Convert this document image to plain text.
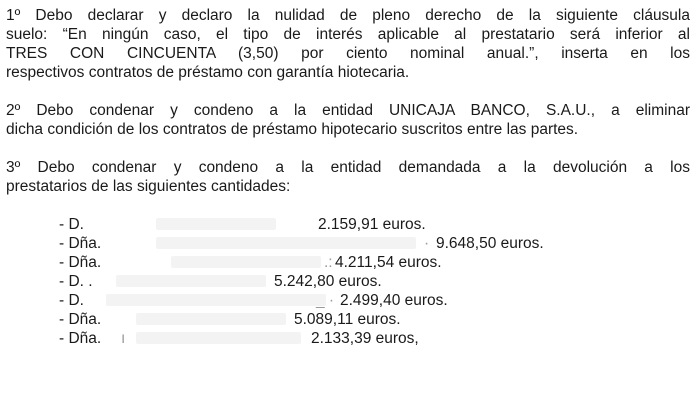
1º Debo declarar y declaro la nulidad de pleno derecho de la siguiente cláusula
suelo: “En ningún caso, el tipo de interés aplicable al prestatario será inferior al
TRES CON CINCUENTA (3,50) por ciento nominal anual.”, inserta en los
respectivos contratos de préstamo con garantía hiotecaria.

2º Debo condenar y condeno a la entidad UNICAJA BANCO, S.A.U., a eliminar
dicha condición de los contratos de préstamo hipotecario suscritos entre las partes.

3º Debo condenar y condeno a la entidad demandada a la devolución a los
prestatarios de las siguientes cantidades:

- D.	2.159,91 euros.
- Dña.	· 9.648,50 euros.
- Dña.	.: 4.211,54 euros.
- D. .	5.242,80 euros.
- D.	_ · 2.499,40 euros.
- Dña.	5.089,11 euros.
- Dña. ı	2.133,39 euros,
